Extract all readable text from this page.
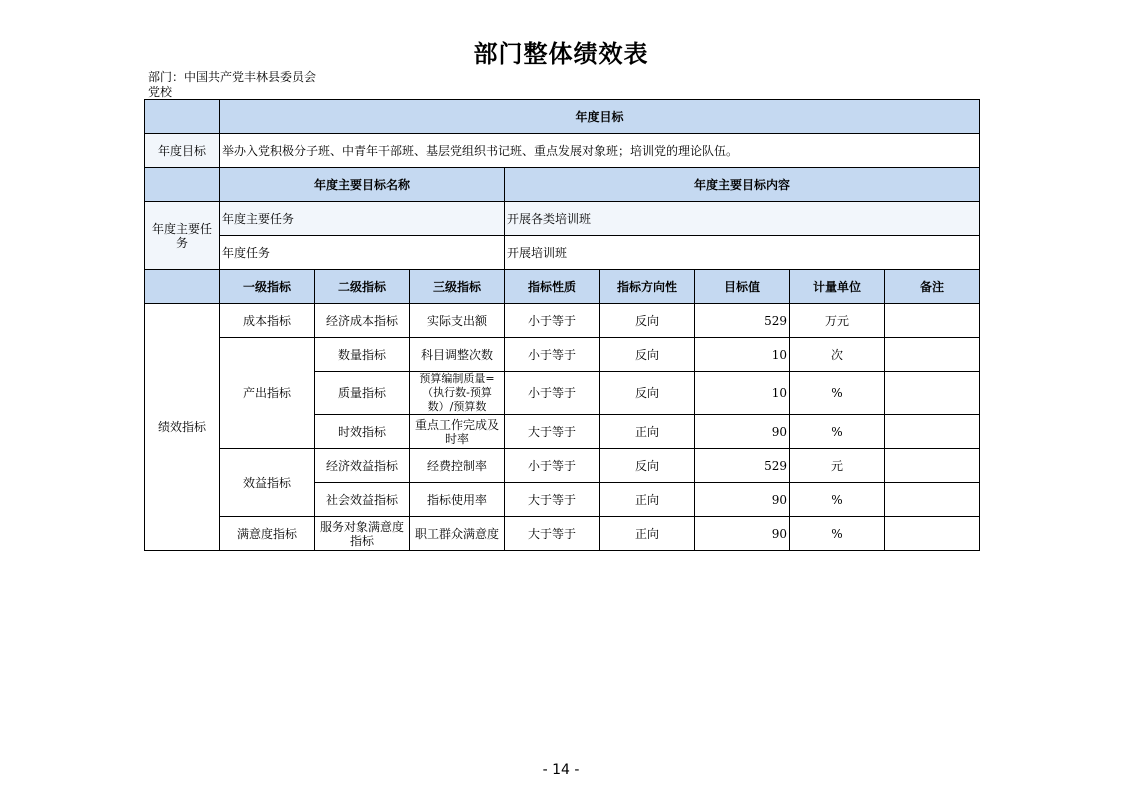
部门整体绩效表
部门：中国共产党丰林县委员会党校
	年度目标							
年度目标	举办入党积极分子班、中青年干部班、基层党组织书记班、重点发展对象班；培训党的理论队伍。							
	年度主要目标名称			年度主要目标内容				
年度主要任务	年度主要任务			开展各类培训班				
	年度任务			开展培训班				
	一级指标	二级指标	三级指标	指标性质	指标方向性	目标值	计量单位	备注
绩效指标	成本指标	经济成本指标	实际支出额	小于等于	反向	529	万元	
	产出指标	数量指标	科目调整次数	小于等于	反向	10	次	
		质量指标	预算编制质量=（执行数-预算数）/预算数	小于等于	反向	10	%	
		时效指标	重点工作完成及时率	大于等于	正向	90	%	
	效益指标	经济效益指标	经费控制率	小于等于	反向	529	元	
		社会效益指标	指标使用率	大于等于	正向	90	%	
	满意度指标	服务对象满意度指标	职工群众满意度	大于等于	正向	90	%	
- 14 -
